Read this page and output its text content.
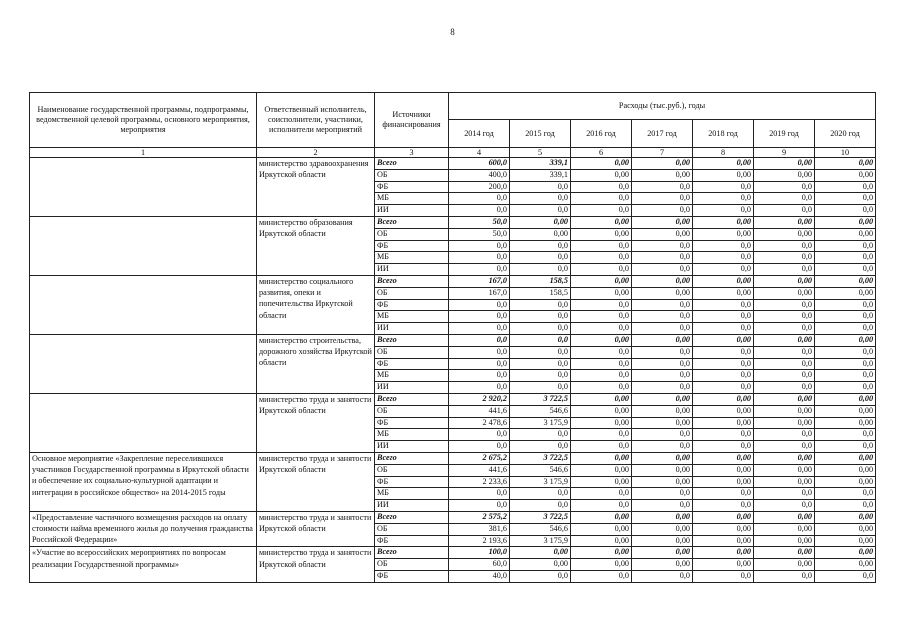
8
Наименование государственной программы, подпрограммы, ведомственной целевой программы, основного мероприятия, мероприятия	Ответственный исполнитель, соисполнители, участники, исполнители мероприятий	Источники финансирования	Расходы (тыс.руб.), годы						
			2014 год	2015 год	2016 год	2017 год	2018 год	2019 год	2020 год
1	2	3	4	5	6	7	8	9	10
	министерство здравоохранения Иркутской области	Всего	600,0	339,1	0,00	0,00	0,00	0,00	0,00
		ОБ	400,0	339,1	0,00	0,00	0,00	0,00	0,00
		ФБ	200,0	0,0	0,0	0,0	0,0	0,0	0,0
		МБ	0,0	0,0	0,0	0,0	0,0	0,0	0,0
		ИИ	0,0	0,0	0,0	0,0	0,0	0,0	0,0
	министерство образования Иркутской области	Всего	50,0	0,00	0,00	0,00	0,00	0,00	0,00
		ОБ	50,0	0,00	0,00	0,00	0,00	0,00	0,00
		ФБ	0,0	0,0	0,0	0,0	0,0	0,0	0,0
		МБ	0,0	0,0	0,0	0,0	0,0	0,0	0,0
		ИИ	0,0	0,0	0,0	0,0	0,0	0,0	0,0
	министерство социального развития, опеки и попечительства Иркутской области	Всего	167,0	158,5	0,00	0,00	0,00	0,00	0,00
		ОБ	167,0	158,5	0,00	0,00	0,00	0,00	0,00
		ФБ	0,0	0,0	0,0	0,0	0,0	0,0	0,0
		МБ	0,0	0,0	0,0	0,0	0,0	0,0	0,0
		ИИ	0,0	0,0	0,0	0,0	0,0	0,0	0,0
	министерство строительства, дорожного хозяйства Иркутской области	Всего	0,0	0,0	0,00	0,00	0,00	0,00	0,00
		ОБ	0,0	0,0	0,0	0,0	0,0	0,0	0,0
		ФБ	0,0	0,0	0,0	0,0	0,0	0,0	0,0
		МБ	0,0	0,0	0,0	0,0	0,0	0,0	0,0
		ИИ	0,0	0,0	0,0	0,0	0,0	0,0	0,0
	министерство труда и занятости Иркутской области	Всего	2 920,2	3 722,5	0,00	0,00	0,00	0,00	0,00
		ОБ	441,6	546,6	0,00	0,00	0,00	0,00	0,00
		ФБ	2 478,6	3 175,9	0,00	0,00	0,00	0,00	0,00
		МБ	0,0	0,0	0,0	0,0	0,0	0,0	0,0
		ИИ	0,0	0,0	0,0	0,0	0,0	0,0	0,0
Основное мероприятие «Закрепление переселившихся участников Государственной программы в Иркутской области и обеспечение их социально-культурной адаптации и интеграции в российское общество» на 2014-2015 годы	министерство труда и занятости Иркутской области	Всего	2 675,2	3 722,5	0,00	0,00	0,00	0,00	0,00
		ОБ	441,6	546,6	0,00	0,00	0,00	0,00	0,00
		ФБ	2 233,6	3 175,9	0,00	0,00	0,00	0,00	0,00
		МБ	0,0	0,0	0,0	0,0	0,0	0,0	0,0
		ИИ	0,0	0,0	0,0	0,0	0,0	0,0	0,0
«Предоставление частичного возмещения расходов на оплату стоимости найма временного жилья до получения гражданства Российской Федерации»	министерство труда и занятости Иркутской области	Всего	2 575,2	3 722,5	0,00	0,00	0,00	0,00	0,00
		ОБ	381,6	546,6	0,00	0,00	0,00	0,00	0,00
		ФБ	2 193,6	3 175,9	0,00	0,00	0,00	0,00	0,00
«Участие во всероссийских мероприятиях по вопросам реализации Государственной программы»	министерство труда и занятости Иркутской области	Всего	100,0	0,00	0,00	0,00	0,00	0,00	0,00
		ОБ	60,0	0,00	0,00	0,00	0,00	0,00	0,00
		ФБ	40,0	0,0	0,0	0,0	0,0	0,0	0,0
